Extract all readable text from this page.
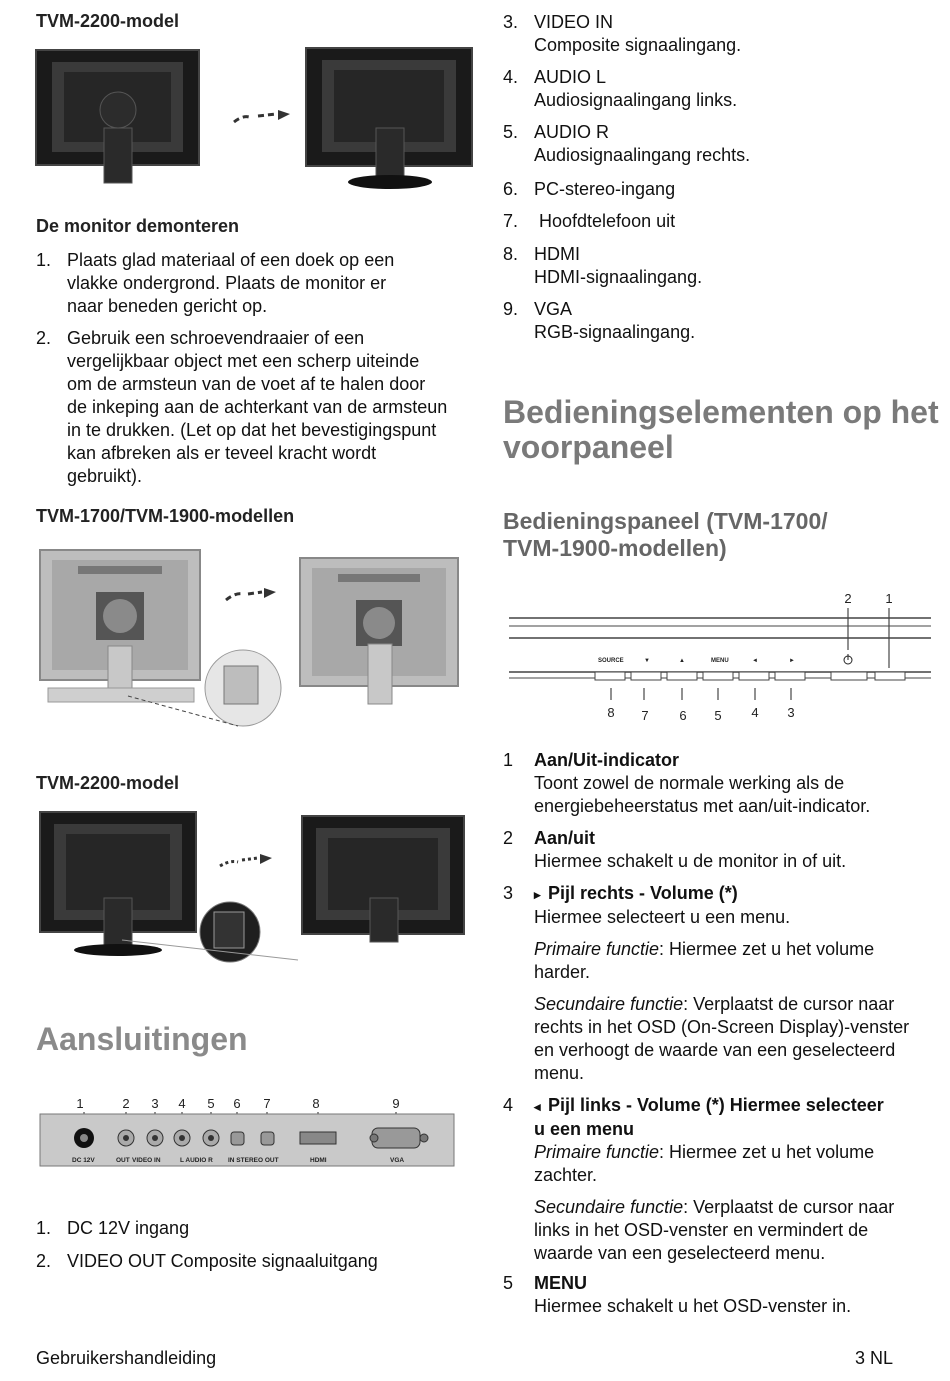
TVM-2200-model
De monitor demonteren
1. Plaats glad materiaal of een doek op een
vlakke ondergrond. Plaats de monitor er
naar beneden gericht op.
2. Gebruik een schroevendraaier of een
vergelijkbaar object met een scherp uiteinde
om de armsteun van de voet af te halen door
de inkeping aan de achterkant van de armsteun
in te drukken. (Let op dat het bevestigingspunt
kan afbreken als er teveel kracht wordt
gebruikt).
TVM-1700/TVM-1900-modellen
TVM-2200-model
Aansluitingen
1	2 3 4 5 6 7	8	9
DC 12V	OUT VIDEO IN	L AUDIO R IN STEREO OUT	HDMI	VGA
1. DC 12V ingang
2. VIDEO OUT Composite signaaluitgang
3. VIDEO IN
Composite signaalingang.
4. AUDIO L
Audiosignaalingang links.
5. AUDIO R
Audiosignaalingang rechts.
6. PC-stereo-ingang
7. Hoofdtelefoon uit
8. HDMI
HDMI-signaalingang.
9. VGA
RGB-signaalingang.
Bedieningselementen op het
voorpaneel
Bedieningspaneel (TVM-1700/
TVM-1900-modellen)
2	1
SOURCE	▼	▲	MENU	◄	►
8 7 6 5 4 3
1 Aan/Uit-indicator
Toont zowel de normale werking als de
energiebeheerstatus met aan/uit-indicator.
2 Aan/uit
Hiermee schakelt u de monitor in of uit.
3 ▸ Pijl rechts - Volume (*)
Hiermee selecteert u een menu.
Primaire functie: Hiermee zet u het volume
harder.
Secundaire functie: Verplaatst de cursor naar
rechts in het OSD (On-Screen Display)-venster
en verhoogt de waarde van een geselecteerd
menu.
4 ◂ Pijl links - Volume (*) Hiermee selecteer
u een menu
Primaire functie: Hiermee zet u het volume
zachter.
Secundaire functie: Verplaatst de cursor naar
links in het OSD-venster en vermindert de
waarde van een geselecteerd menu.
5 MENU
Hiermee schakelt u het OSD-venster in.
Gebruikershandleiding	3 NL
